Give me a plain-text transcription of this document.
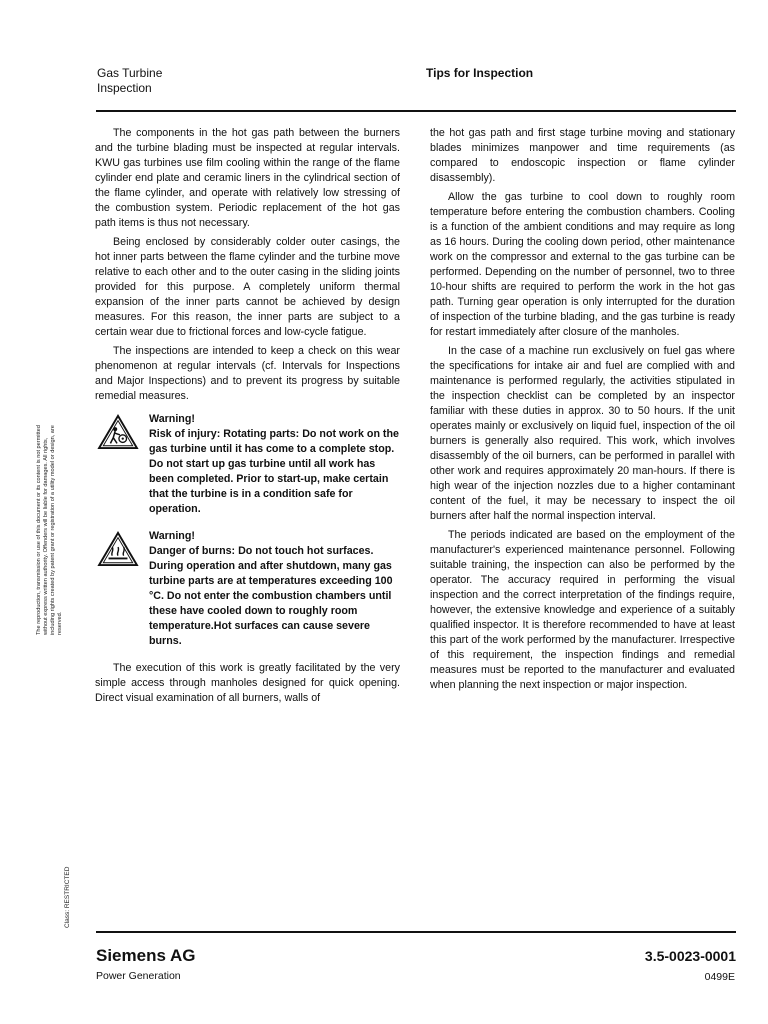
Gas Turbine
Inspection
Tips for Inspection

The components in the hot gas path between the burners and the turbine blading must be inspected at regular intervals. KWU gas turbines use film cooling within the range of the flame cylinder end plate and ceramic liners in the cylindrical section of the flame cylinder, and operate with relatively low stressing of the combustion system. Periodic replacement of the hot gas path items is thus not necessary.

Being enclosed by considerably colder outer casings, the hot inner parts between the flame cylinder and the turbine move relative to each other and to the outer casing in the sliding joints provided for this purpose. A completely uniform thermal expansion of the inner parts cannot be achieved by design measures. For this reason, the inner parts are subject to a certain wear due to frictional forces and low-cycle fatigue.

The inspections are intended to keep a check on this wear phenomenon at regular intervals (cf. Intervals for Inspections and Major Inspections) and to prevent its progress by suitable remedial measures.

Warning!
Risk of injury: Rotating parts: Do not work on the gas turbine until it has come to a complete stop. Do not start up gas turbine until all work has been completed. Prior to start-up, make certain that the turbine is in a condition safe for operation.
Warning!
Danger of burns: Do not touch hot surfaces. During operation and after shutdown, many gas turbine parts are at temperatures exceeding 100 °C. Do not enter the combustion chambers until these have cooled down to roughly room temperature.Hot surfaces can cause severe burns.

The execution of this work is greatly facilitated by the very simple access through manholes designed for quick opening. Direct visual examination of all burners, walls of

the hot gas path and first stage turbine moving and stationary blades minimizes manpower and time requirements (as compared to endoscopic inspection or flame cylinder disassembly).

Allow the gas turbine to cool down to roughly room temperature before entering the combustion chambers. Cooling is a function of the ambient conditions and may require as long as 16 hours. During the cooling down period, other maintenance work on the compressor and external to the gas turbine can be performed. Depending on the number of personnel, two to three 10-hour shifts are required to perform the work in the hot gas path. Turning gear operation is only interrupted for the duration of inspection of the turbine blading, and the gas turbine is ready for restart immediately after closure of the manholes.

In the case of a machine run exclusively on fuel gas where the specifications for intake air and fuel are complied with and maintenance is performed regularly, the activities stipulated in the inspection checklist can be completed by an inspector familiar with these duties in approx. 30 to 50 hours. If the unit operates mainly or exclusively on liquid fuel, inspection of the oil burners is generally also required. This work, which involves disassembly of the oil burners, can be performed in parallel with other work and requires approximately 20 man-hours. If there is high wear of the injection nozzles due to a higher contaminant content of the fuel, it may be necessary to inspect the oil burners after half the normal inspection interval.

The periods indicated are based on the employment of the manufacturer's experienced maintenance personnel. Following suitable training, the inspection can also be performed by the operator. The accuracy required in performing the visual inspection and the correct interpretation of the findings require, however, the extensive knowledge and experience of a suitably qualified inspector. It is therefore recommended to have at least this part of the work performed by the manufacturer. Irrespective of this requirement, the inspection findings and remedial measures must be reported to the manufacturer and evaluated when planning the next inspection or major inspection.

The reproduction, transmission or use of this document or its content is not permitted without express written authority. Offenders will be liable for damages. All rights, including rights created by patent grant or registration of a utility model or design, are reserved.
Class: RESTRICTED
Siemens AG
Power Generation
3.5-0023-0001
0499E
